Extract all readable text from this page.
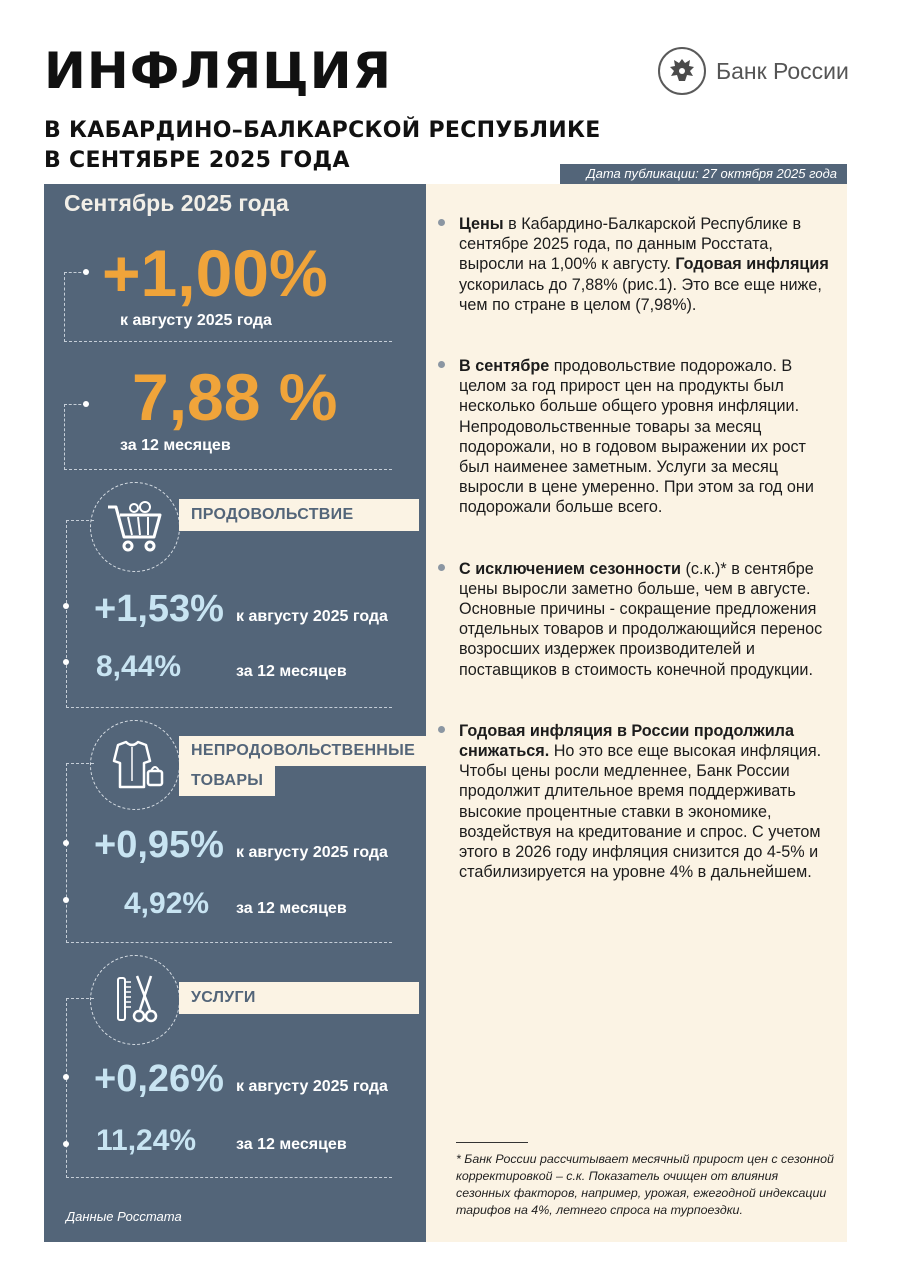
ИНФЛЯЦИЯ
В КАБАРДИНО–БАЛКАРСКОЙ РЕСПУБЛИКЕ
В СЕНТЯБРЕ 2025 ГОДА
Банк России
Дата публикации: 27 октября 2025 года
Сентябрь 2025 года
+1,00%
к августу 2025 года
7,88 %
за 12 месяцев
ПРОДОВОЛЬСТВИЕ
+1,53% к августу 2025 года
8,44%	за 12 месяцев
НЕПРОДОВОЛЬСТВЕННЫЕ
ТОВАРЫ
+0,95% к августу 2025 года
4,92% за 12 месяцев
УСЛУГИ
+0,26% к августу 2025 года
11,24% за 12 месяцев
Данные Росстата

Цены в Кабардино-Балкарской Республике в сентябре 2025 года, по данным Росстата, выросли на 1,00% к августу. Годовая инфляция ускорилась до 7,88% (рис.1). Это все еще ниже, чем по стране в целом (7,98%).

В сентябре продовольствие подорожало. В целом за год прирост цен на продукты был несколько больше общего уровня инфляции. Непродовольственные товары за месяц подорожали, но в годовом выражении их рост был наименее заметным. Услуги за месяц выросли в цене умеренно. При этом за год они подорожали больше всего.

С исключением сезонности (с.к.)* в сентябре цены выросли заметно больше, чем в августе. Основные причины - сокращение предложения отдельных товаров и продолжающийся перенос возросших издержек производителей и поставщиков в стоимость конечной продукции.

Годовая инфляция в России продолжила снижаться. Но это все еще высокая инфляция. Чтобы цены росли медленнее, Банк России продолжит длительное время поддерживать высокие процентные ставки в экономике, воздействуя на кредитование и спрос. С учетом этого в 2026 году инфляция снизится до 4-5% и стабилизируется на уровне 4% в дальнейшем.

* Банк России рассчитывает месячный прирост цен с сезонной корректировкой – с.к. Показатель очищен от влияния сезонных факторов, например, урожая, ежегодной индексации тарифов на 4%, летнего спроса на турпоездки.
